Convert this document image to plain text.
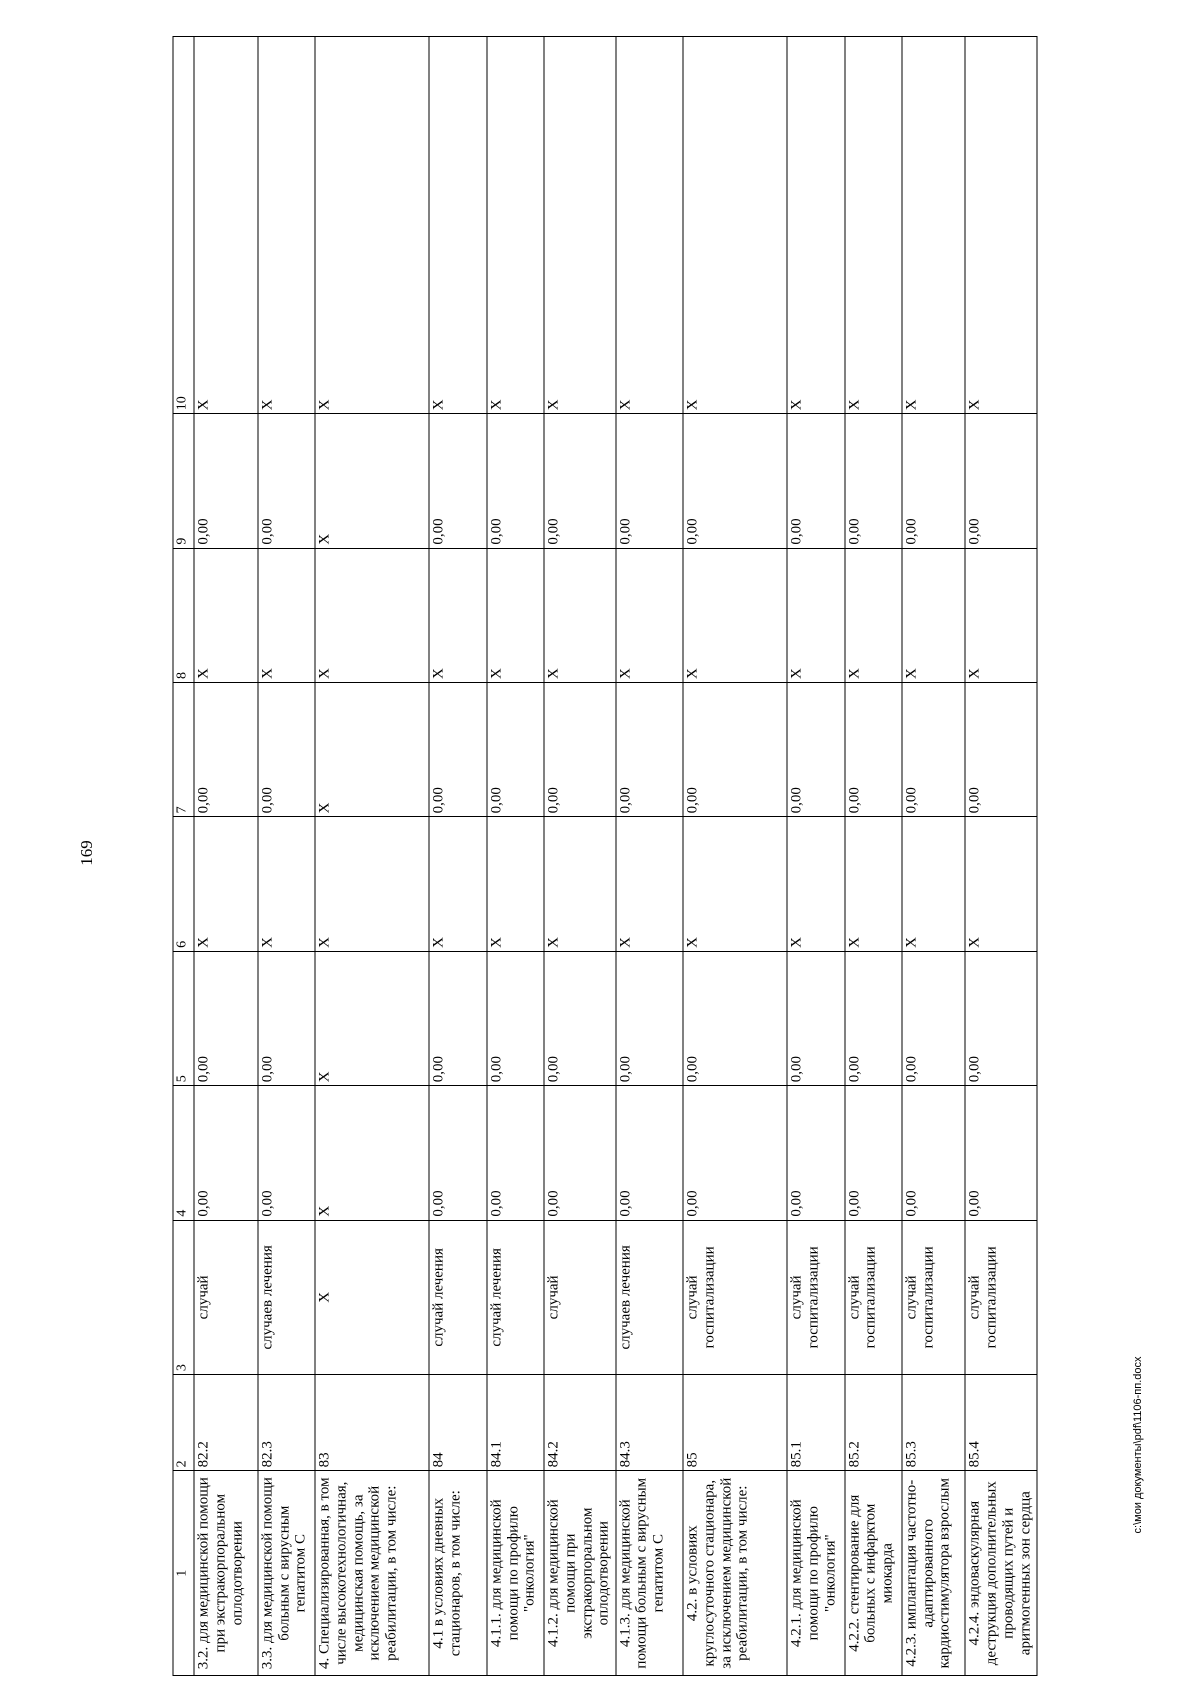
169
1	2	3	4	5	6	7	8	9	10
3.2. для медицинской помощи при экстракорпоральном оплодотворении	82.2	случай	0,00	0,00	X	0,00	X	0,00	X
3.3. для медицинской помощи больным с вирусным гепатитом С	82.3	случаев лечения	0,00	0,00	X	0,00	X	0,00	X
4. Специализированная, в том числе высокотехнологичная, медицинская помощь, за исключением медицинской реабилитации, в том числе:	83	X	X	X	X	X	X	X	X
4.1 в условиях дневных стационаров, в том числе:	84	случай лечения	0,00	0,00	X	0,00	X	0,00	X
4.1.1. для медицинской помощи по профилю "онкология"	84.1	случай лечения	0,00	0,00	X	0,00	X	0,00	X
4.1.2. для медицинской помощи при экстракорпоральном оплодотворении	84.2	случай	0,00	0,00	X	0,00	X	0,00	X
4.1.3. для медицинской помощи больным с вирусным гепатитом С	84.3	случаев лечения	0,00	0,00	X	0,00	X	0,00	X
4.2. в условиях круглосуточного стационара, за исключением медицинской реабилитации, в том числе:	85	случай госпитализации	0,00	0,00	X	0,00	X	0,00	X
4.2.1. для медицинской помощи по профилю "онкология"	85.1	случай госпитализации	0,00	0,00	X	0,00	X	0,00	X
4.2.2. стентирование для больных с инфарктом миокарда	85.2	случай госпитализации	0,00	0,00	X	0,00	X	0,00	X
4.2.3. имплантация частотно-адаптированного кардиостимулятора взрослым	85.3	случай госпитализации	0,00	0,00	X	0,00	X	0,00	X
4.2.4. эндоваскулярная деструкция дополнительных проводящих путей и аритмогенных зон сердца	85.4	случай госпитализации	0,00	0,00	X	0,00	X	0,00	X
c:\мои документы\pdf\1106-пп.docx
